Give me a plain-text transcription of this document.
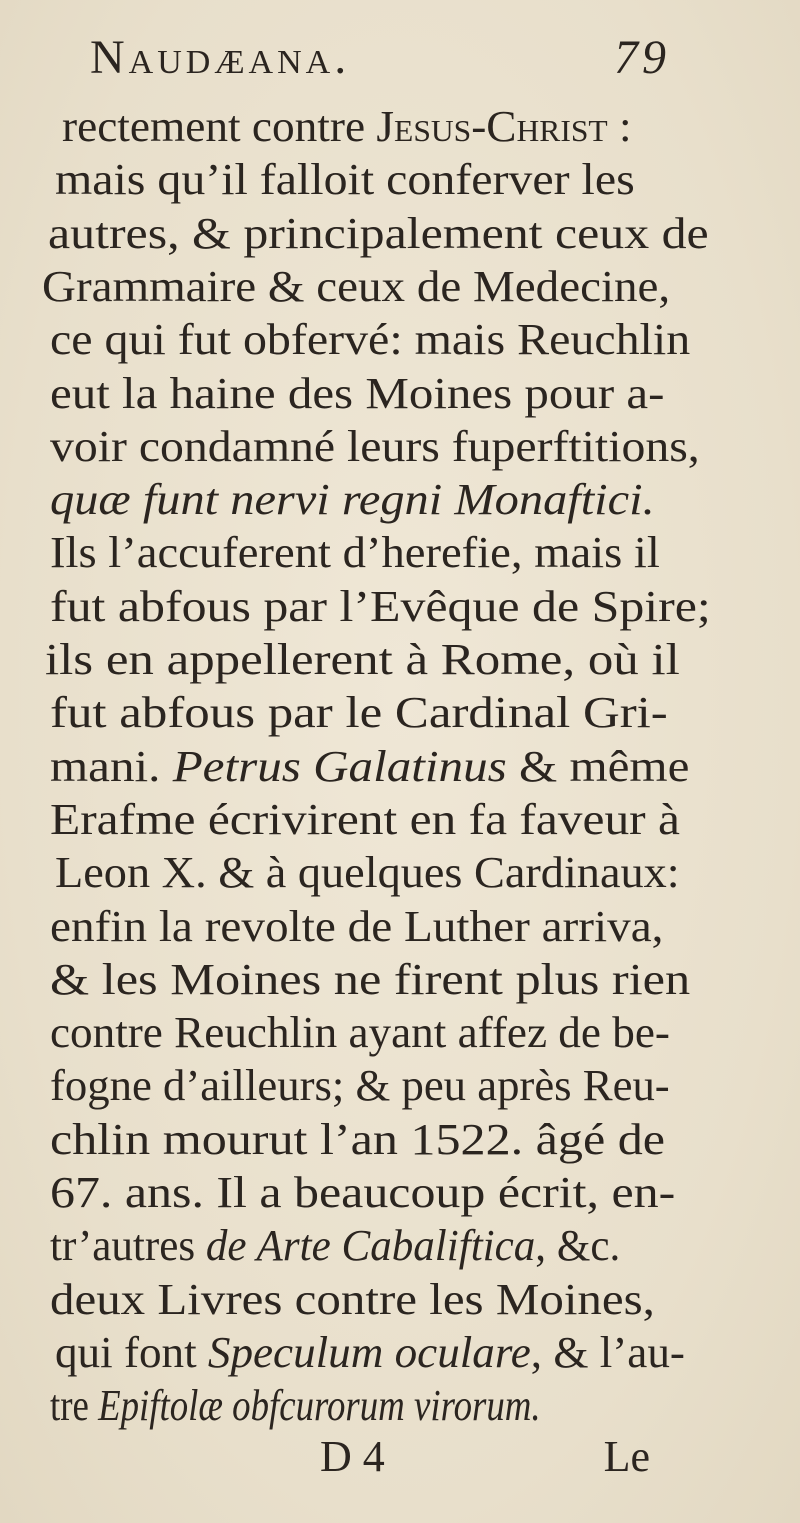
Naudæana.	79
rectement contre Jesus-Christ :
mais qu’il falloit conferver les
autres, & principalement ceux de
Grammaire & ceux de Medecine,
ce qui fut obfervé: mais Reuchlin
eut la haine des Moines pour a-
voir condamné leurs fuperftitions,
quæ funt nervi regni Monaftici.
Ils l’accuferent d’herefie, mais il
fut abfous par l’Evêque de Spire;
ils en appellerent à Rome, où il
fut abfous par le Cardinal Gri-
mani. Petrus Galatinus & même
Erafme écrivirent en fa faveur à
Leon X. & à quelques Cardinaux:
enfin la revolte de Luther arriva,
& les Moines ne firent plus rien
contre Reuchlin ayant affez de be-
fogne d’ailleurs; & peu après Reu-
chlin mourut l’an 1522. âgé de
67. ans. Il a beaucoup écrit, en-
tr’autres de Arte Cabaliftica, &c.
deux Livres contre les Moines,
qui font Speculum oculare, & l’au-
tre Epiftolæ obfcurorum virorum.
D 4	Le
